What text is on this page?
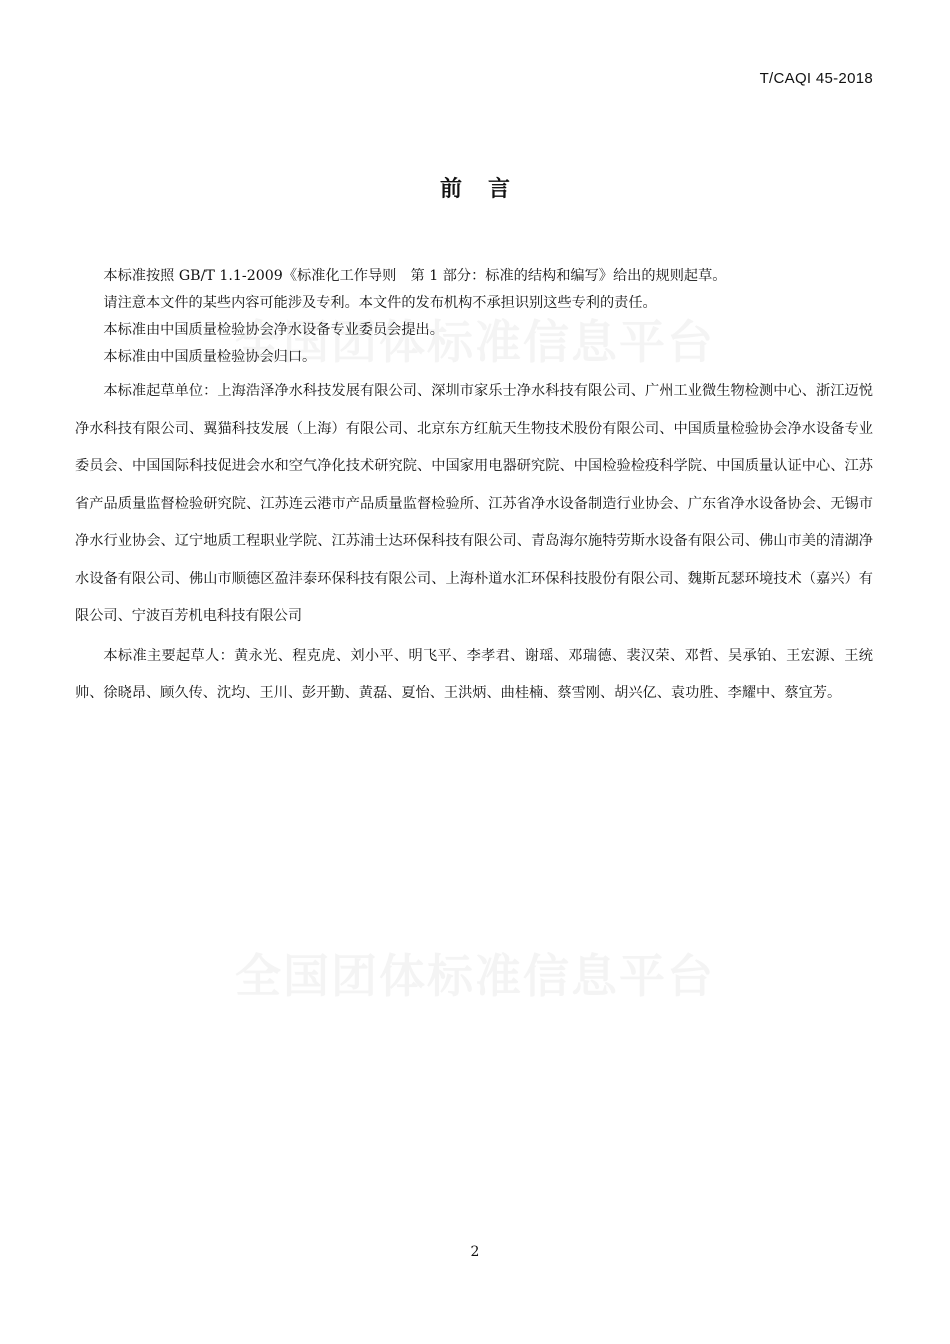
T/CAQI 45-2018
前言

本标准按照 GB/T 1.1-2009《标准化工作导则　第 1 部分：标准的结构和编写》给出的规则起草。

请注意本文件的某些内容可能涉及专利。本文件的发布机构不承担识别这些专利的责任。

本标准由中国质量检验协会净水设备专业委员会提出。

本标准由中国质量检验协会归口。

本标准起草单位：上海浩泽净水科技发展有限公司、深圳市家乐士净水科技有限公司、广州工业微生物检测中心、浙江迈悦净水科技有限公司、翼猫科技发展（上海）有限公司、北京东方红航天生物技术股份有限公司、中国质量检验协会净水设备专业委员会、中国国际科技促进会水和空气净化技术研究院、中国家用电器研究院、中国检验检疫科学院、中国质量认证中心、江苏省产品质量监督检验研究院、江苏连云港市产品质量监督检验所、江苏省净水设备制造行业协会、广东省净水设备协会、无锡市净水行业协会、辽宁地质工程职业学院、江苏浦士达环保科技有限公司、青岛海尔施特劳斯水设备有限公司、佛山市美的清湖净水设备有限公司、佛山市顺德区盈沣泰环保科技有限公司、上海朴道水汇环保科技股份有限公司、魏斯瓦瑟环境技术（嘉兴）有限公司、宁波百芳机电科技有限公司

本标准主要起草人：黄永光、程克虎、刘小平、明飞平、李孝君、谢瑶、邓瑞德、裴汉荣、邓哲、吴承铂、王宏源、王统帅、徐晓昂、顾久传、沈均、王川、彭开勤、黄磊、夏怡、王洪炳、曲桂楠、蔡雪刚、胡兴亿、袁功胜、李耀中、蔡宜芳。

2
